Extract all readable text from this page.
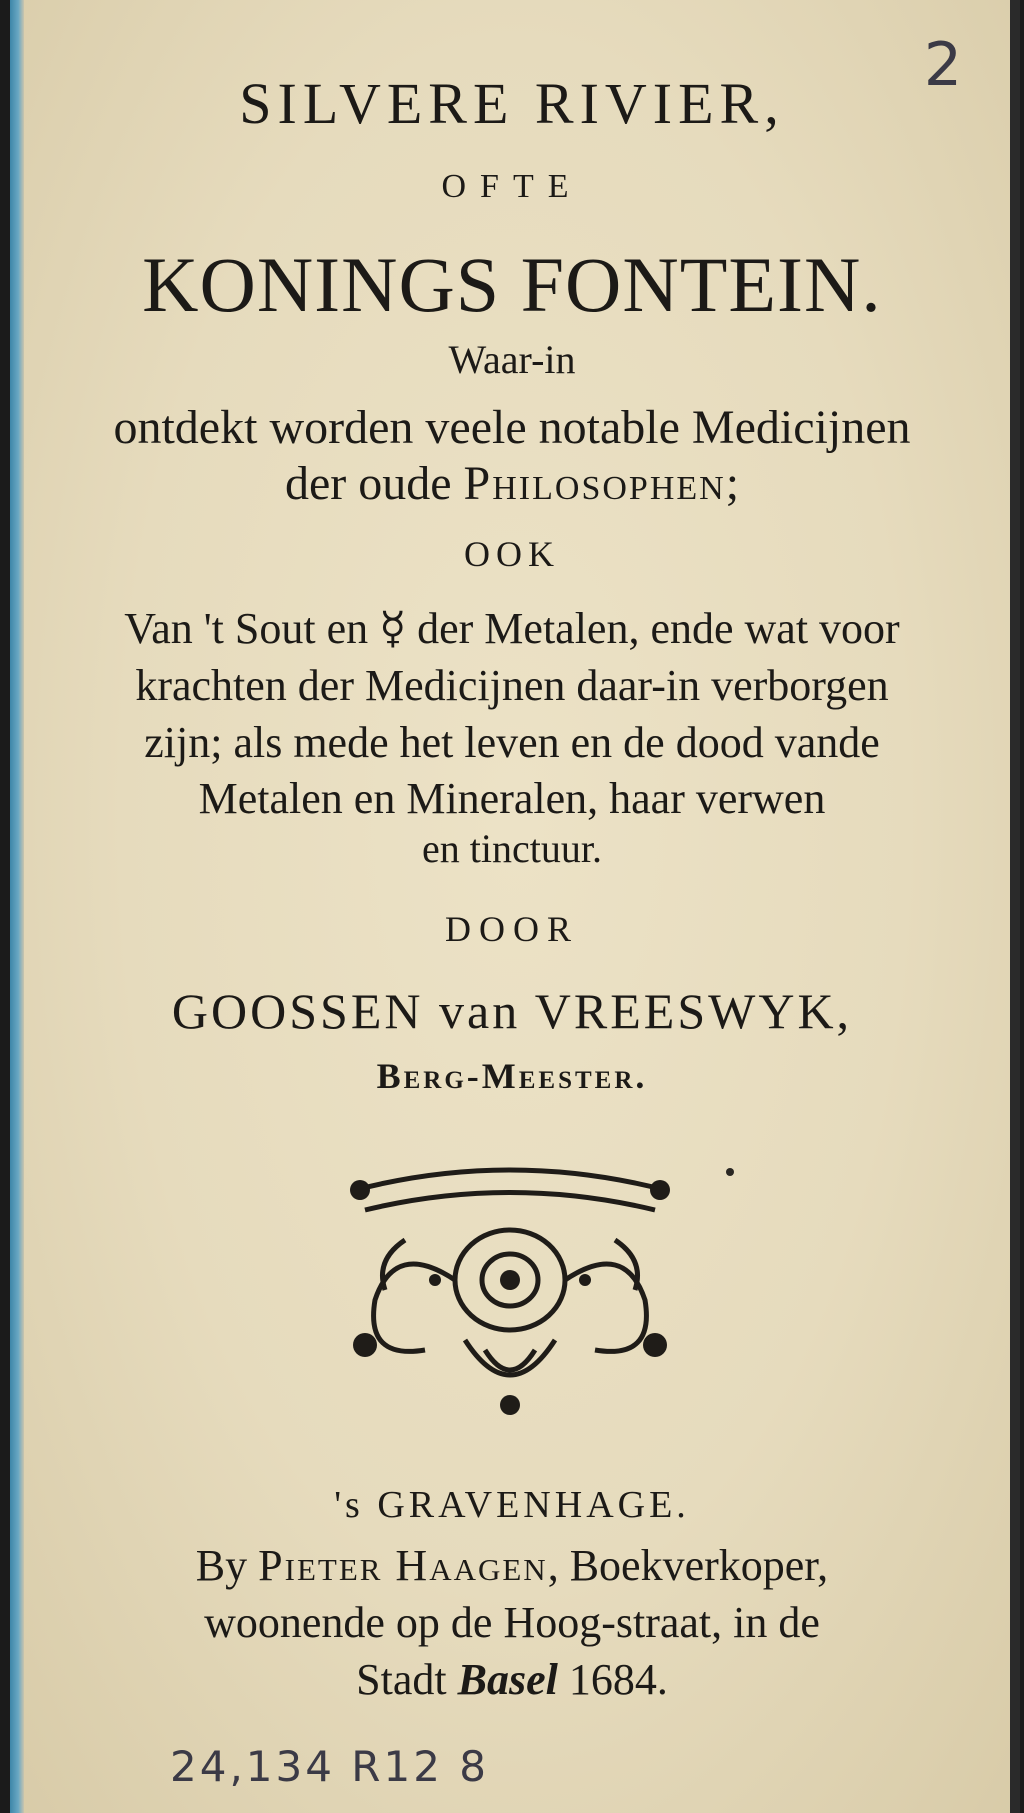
2
SILVERE RIVIER,
OFTE
KONINGS FONTEIN.
Waar-in
ontdekt worden veele notable Medicijnen
der oude Philosophen;
OOK
Van 't Sout en ☿ der Metalen, ende wat voor
krachten der Medicijnen daar-in verborgen
zijn; als mede het leven en de dood vande
Metalen en Mineralen, haar verwen
en tinctuur.
DOOR
GOOSSEN van VREESWYK,
Berg-Meester.
's GRAVENHAGE.
By Pieter Haagen, Boekverkoper,
woonende op de Hoog-straat, in de
Stadt Basel 1684.
24,134 R12 8
